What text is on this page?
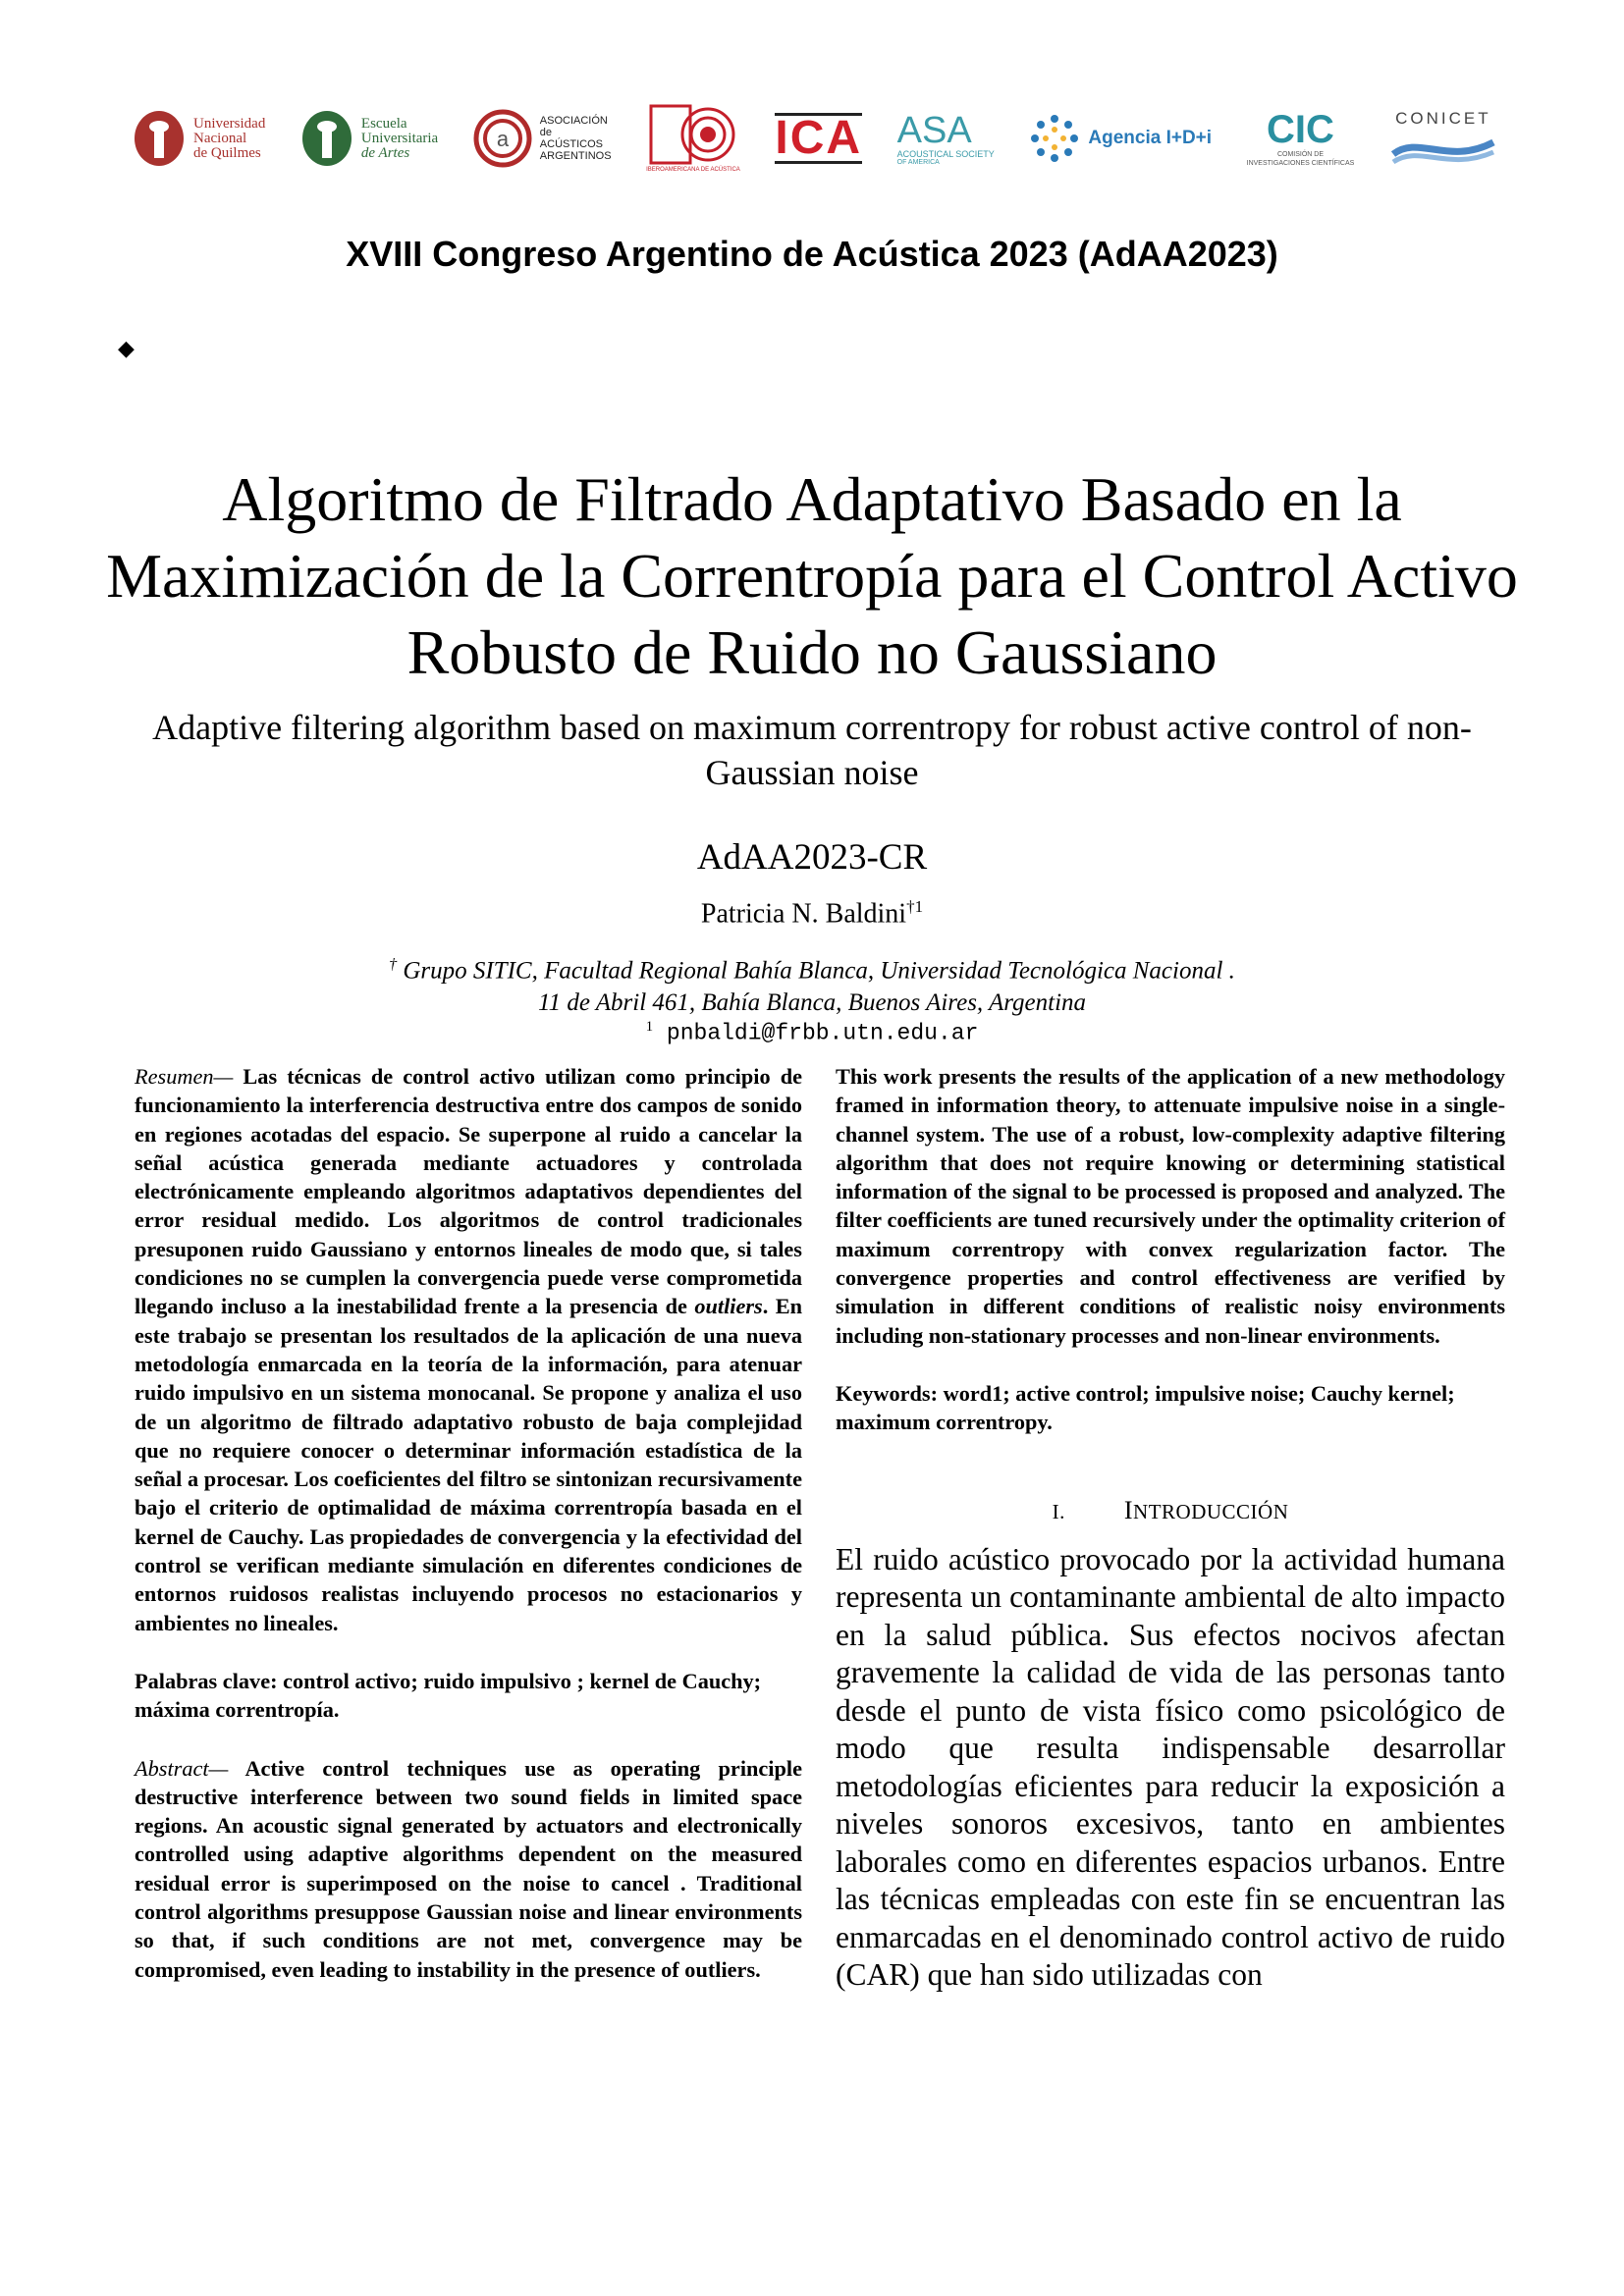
Universidad
Nacional
de Quilmes
Escuela
Universitaria
de Artes
a
ASOCIACIÓN
de
ACÚSTICOS
ARGENTINOS
IBEROAMERICANA DE ACÚSTICA
ICA ASA
ACOUSTICAL SOCIETY
OF AMERICA
Agencia I+D+i CIC
COMISIÓN DE
INVESTIGACIONES CIENTÍFICAS
CONICET
XVIII Congreso Argentino de Acústica 2023 (AdAA2023)
◆
Algoritmo de Filtrado Adaptativo Basado en la Maximización de la Correntropía para el Control Activo Robusto de Ruido no Gaussiano
Adaptive filtering algorithm based on maximum correntropy for robust active control of non-Gaussian noise
AdAA2023-CR
Patricia N. Baldini$^{\dagger 1}$
† Grupo SITIC, Facultad Regional Bahía Blanca, Universidad Tecnológica Nacional .
11 de Abril 461, Bahía Blanca, Buenos Aires, Argentina
$^1$ pnbaldi@frbb.utn.edu.ar

Resumen— Las técnicas de control activo utilizan como principio de funcionamiento la interferencia destructiva entre dos campos de sonido en regiones acotadas del espacio. Se superpone al ruido a cancelar la señal acústica generada mediante actuadores y controlada electrónicamente empleando algoritmos adaptativos dependientes del error residual medido. Los algoritmos de control tradicionales presuponen ruido Gaussiano y entornos lineales de modo que, si tales condiciones no se cumplen la convergencia puede verse comprometida llegando incluso a la inestabilidad frente a la presencia de outliers. En este trabajo se presentan los resultados de la aplicación de una nueva metodología enmarcada en la teoría de la información, para atenuar ruido impulsivo en un sistema monocanal. Se propone y analiza el uso de un algoritmo de filtrado adaptativo robusto de baja complejidad que no requiere conocer o determinar información estadística de la señal a procesar. Los coeficientes del filtro se sintonizan recursivamente bajo el criterio de optimalidad de máxima correntropía basada en el kernel de Cauchy. Las propiedades de convergencia y la efectividad del control se verifican mediante simulación en diferentes condiciones de entornos ruidosos realistas incluyendo procesos no estacionarios y ambientes no lineales.

Palabras clave: control activo; ruido impulsivo ; kernel de Cauchy; máxima correntropía.

Abstract— Active control techniques use as operating principle destructive interference between two sound fields in limited space regions. An acoustic signal generated by actuators and electronically controlled using adaptive algorithms dependent on the measured residual error is superimposed on the noise to cancel . Traditional control algorithms presuppose Gaussian noise and linear environments so that, if such conditions are not met, convergence may be compromised, even leading to instability in the presence of outliers.

This work presents the results of the application of a new methodology framed in information theory, to attenuate impulsive noise in a single-channel system. The use of a robust, low-complexity adaptive filtering algorithm that does not require knowing or determining statistical information of the signal to be processed is proposed and analyzed. The filter coefficients are tuned recursively under the optimality criterion of maximum correntropy with convex regularization factor. The convergence properties and control effectiveness are verified by simulation in different conditions of realistic noisy environments including non-stationary processes and non-linear environments.

Keywords: word1; active control; impulsive noise; Cauchy kernel; maximum correntropy.

I. INTRODUCCIÓN

El ruido acústico provocado por la actividad humana representa un contaminante ambiental de alto impacto en la salud pública. Sus efectos nocivos afectan gravemente la calidad de vida de las personas tanto desde el punto de vista físico como psicológico de modo que resulta indispensable desarrollar metodologías eficientes para reducir la exposición a niveles sonoros excesivos, tanto en ambientes laborales como en diferentes espacios urbanos. Entre las técnicas empleadas con este fin se encuentran las enmarcadas en el denominado control activo de ruido (CAR) que han sido utilizadas con
